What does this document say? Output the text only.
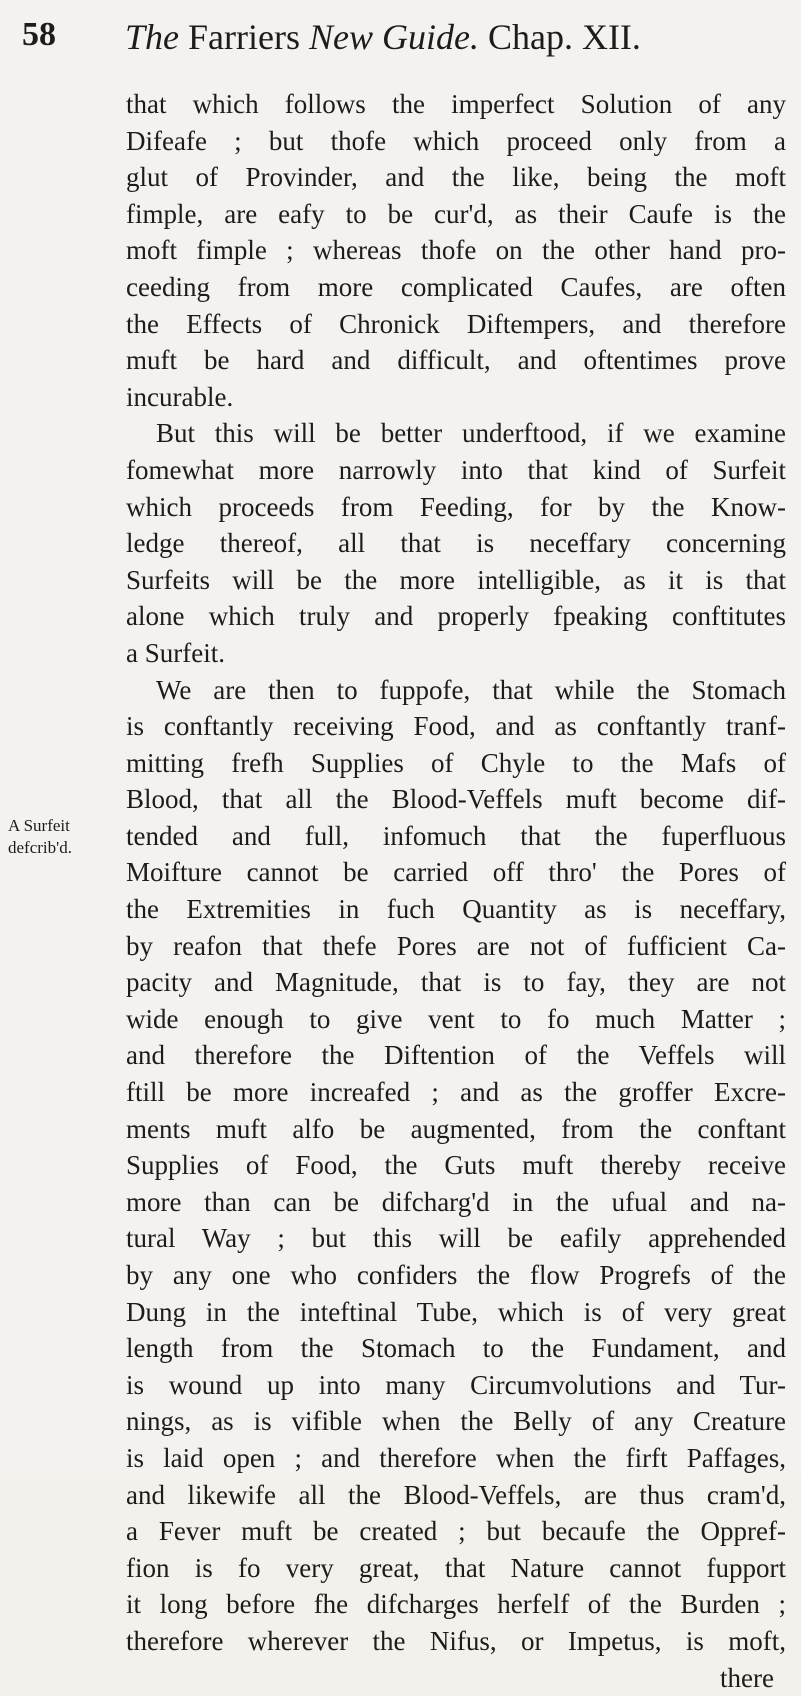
58 The Farriers New Guide. Chap. XII.
A Surfeit
defcrib'd.
that which follows the imperfect Solution of any
Difeafe ; but thofe which proceed only from a
glut of Provinder, and the like, being the moft
fimple, are eafy to be cur'd, as their Caufe is the
moft fimple ; whereas thofe on the other hand pro-
ceeding from more complicated Caufes, are often
the Effects of Chronick Diftempers, and therefore
muft be hard and difficult, and oftentimes prove
incurable.
But this will be better underftood, if we examine
fomewhat more narrowly into that kind of Surfeit
which proceeds from Feeding, for by the Know-
ledge thereof, all that is neceffary concerning
Surfeits will be the more intelligible, as it is that
alone which truly and properly fpeaking conftitutes
a Surfeit.
We are then to fuppofe, that while the Stomach
is conftantly receiving Food, and as conftantly tranf-
mitting frefh Supplies of Chyle to the Mafs of
Blood, that all the Blood-Veffels muft become dif-
tended and full, infomuch that the fuperfluous
Moifture cannot be carried off thro' the Pores of
the Extremities in fuch Quantity as is neceffary,
by reafon that thefe Pores are not of fufficient Ca-
pacity and Magnitude, that is to fay, they are not
wide enough to give vent to fo much Matter ;
and therefore the Diftention of the Veffels will
ftill be more increafed ; and as the groffer Excre-
ments muft alfo be augmented, from the conftant
Supplies of Food, the Guts muft thereby receive
more than can be difcharg'd in the ufual and na-
tural Way ; but this will be eafily apprehended
by any one who confiders the flow Progrefs of the
Dung in the inteftinal Tube, which is of very great
length from the Stomach to the Fundament, and
is wound up into many Circumvolutions and Tur-
nings, as is vifible when the Belly of any Creature
is laid open ; and therefore when the firft Paffages,
and likewife all the Blood-Veffels, are thus cram'd,
a Fever muft be created ; but becaufe the Oppref-
fion is fo very great, that Nature cannot fupport
it long before fhe difcharges herfelf of the Burden ;
therefore wherever the Nifus, or Impetus, is moft,
there
